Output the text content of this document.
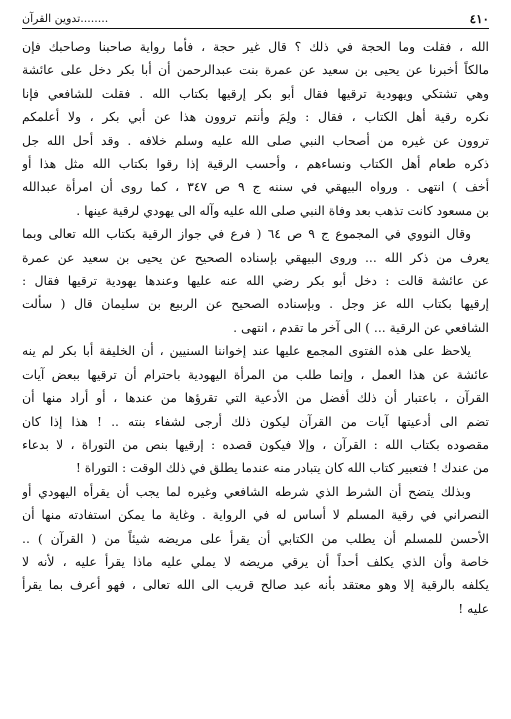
٤١٠
........تدوين القرآن
الله ، فقلت وما الحجة في ذلك ؟ قال غير حجة ، فأما رواية صاحبنا وصاحبك فإن
مالكاً أخبرنا عن يحيى بن سعيد عن عمرة بنت عبدالرحمن أن أبا بكر دخل على عائشة
وهي تشتكي ويهودية ترقيها فقال أبو بكر إرقيها بكتاب الله . فقلت للشافعي فإنا
نكره رقية أهل الكتاب ، فقال : ولِمَ وأنتم تروون هذا عن أبي بكر ، ولا أعلمكم
تروون عن غيره من أصحاب النبي صلى الله عليه وسلم خلافه . وقد أحل الله جل
ذكره طعام أهل الكتاب ونساءهم ، وأحسب الرقية إذا رقوا بكتاب الله مثل هذا أو
أخف ) انتهى . ورواه البيهقي في سننه ج ٩ ص ٣٤٧ ، كما روى أن امرأة عبدالله
بن مسعود كانت تذهب بعد وفاة النبي صلى الله عليه وآله الى يهودي لرقية عينها .
وقال النووي في المجموع ج ٩ ص ٦٤ ( فرع في جواز الرقية بكتاب الله تعالى وبما
يعرف من ذكر الله ... وروى البيهقي بإسناده الصحيح عن يحيى بن سعيد عن عمرة
عن عائشة قالت : دخل أبو بكر رضي الله عنه عليها وعندها يهودية ترقيها فقال :
إرقيها بكتاب الله عز وجل . وبإسناده الصحيح عن الربيع بن سليمان قال ( سألت
الشافعي عن الرقية ... ) الى آخر ما تقدم ، انتهى .
يلاحظ على هذه الفتوى المجمع عليها عند إخواننا السنيين ، أن الخليفة أبا بكر لم ينه
عائشة عن هذا العمل ، وإنما طلب من المرأة اليهودية باحترام أن ترقيها ببعض آيات
القرآن ، باعتبار أن ذلك أفضل من الأدعية التي تقرؤها من عندها ، أو أراد منها أن
تضم الى أدعيتها آيات من القرآن ليكون ذلك أرجى لشفاء بنته .. ! هذا إذا كان
مقصوده بكتاب الله : القرآن ، وإلا فيكون قصده : إرقيها بنص من التوراة ، لا بدعاء
من عندك ! فتعبير كتاب الله كان يتبادر منه عندما يطلق في ذلك الوقت : التوراة !
وبذلك يتضح أن الشرط الذي شرطه الشافعي وغيره لما يجب أن يقرأه اليهودي أو
النصراني في رقية المسلم لا أساس له في الرواية . وغاية ما يمكن استفادته منها أن
الأحسن للمسلم أن يطلب من الكتابي أن يقرأ على مريضه شيئاً من ( القرآن ) ..
خاصة وأن الذي يكلف أحداً أن يرقي مريضه لا يملي عليه ماذا يقرأ عليه ، لأنه لا
يكلفه بالرقية إلا وهو معتقد بأنه عبد صالح قريب الى الله تعالى ، فهو أعرف بما يقرأ
عليه !
